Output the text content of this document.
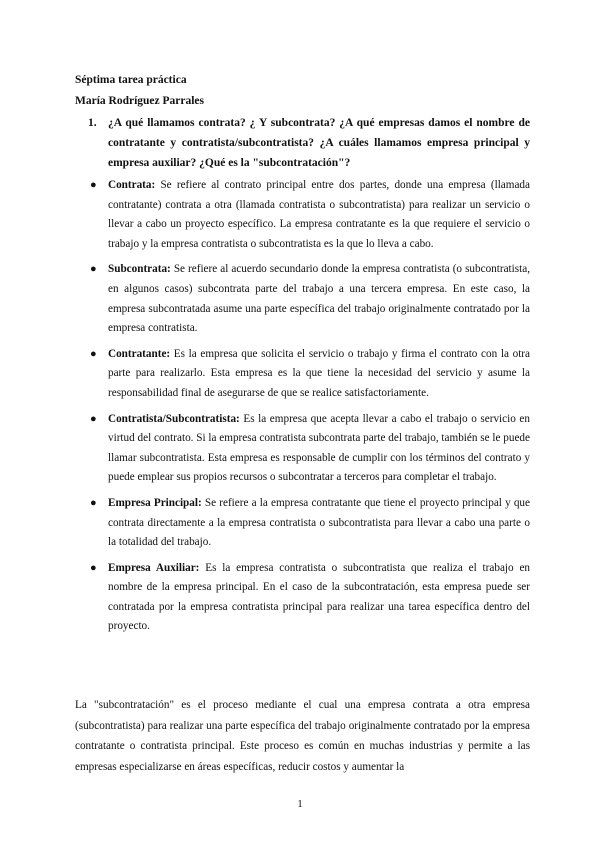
Séptima tarea práctica
María Rodríguez Parrales
1. ¿A qué llamamos contrata? ¿ Y subcontrata? ¿A qué empresas damos el nombre de contratante y contratista/subcontratista? ¿A cuáles llamamos empresa principal y empresa auxiliar? ¿Qué es la "subcontratación"?
● Contrata: Se refiere al contrato principal entre dos partes, donde una empresa (llamada contratante) contrata a otra (llamada contratista o subcontratista) para realizar un servicio o llevar a cabo un proyecto específico. La empresa contratante es la que requiere el servicio o trabajo y la empresa contratista o subcontratista es la que lo lleva a cabo.
● Subcontrata: Se refiere al acuerdo secundario donde la empresa contratista (o subcontratista, en algunos casos) subcontrata parte del trabajo a una tercera empresa. En este caso, la empresa subcontratada asume una parte específica del trabajo originalmente contratado por la empresa contratista.
● Contratante: Es la empresa que solicita el servicio o trabajo y firma el contrato con la otra parte para realizarlo. Esta empresa es la que tiene la necesidad del servicio y asume la responsabilidad final de asegurarse de que se realice satisfactoriamente.
● Contratista/Subcontratista: Es la empresa que acepta llevar a cabo el trabajo o servicio en virtud del contrato. Si la empresa contratista subcontrata parte del trabajo, también se le puede llamar subcontratista. Esta empresa es responsable de cumplir con los términos del contrato y puede emplear sus propios recursos o subcontratar a terceros para completar el trabajo.
● Empresa Principal: Se refiere a la empresa contratante que tiene el proyecto principal y que contrata directamente a la empresa contratista o subcontratista para llevar a cabo una parte o la totalidad del trabajo.
● Empresa Auxiliar: Es la empresa contratista o subcontratista que realiza el trabajo en nombre de la empresa principal. En el caso de la subcontratación, esta empresa puede ser contratada por la empresa contratista principal para realizar una tarea específica dentro del proyecto.

La "subcontratación" es el proceso mediante el cual una empresa contrata a otra empresa (subcontratista) para realizar una parte específica del trabajo originalmente contratado por la empresa contratante o contratista principal. Este proceso es común en muchas industrias y permite a las empresas especializarse en áreas específicas, reducir costos y aumentar la

1
